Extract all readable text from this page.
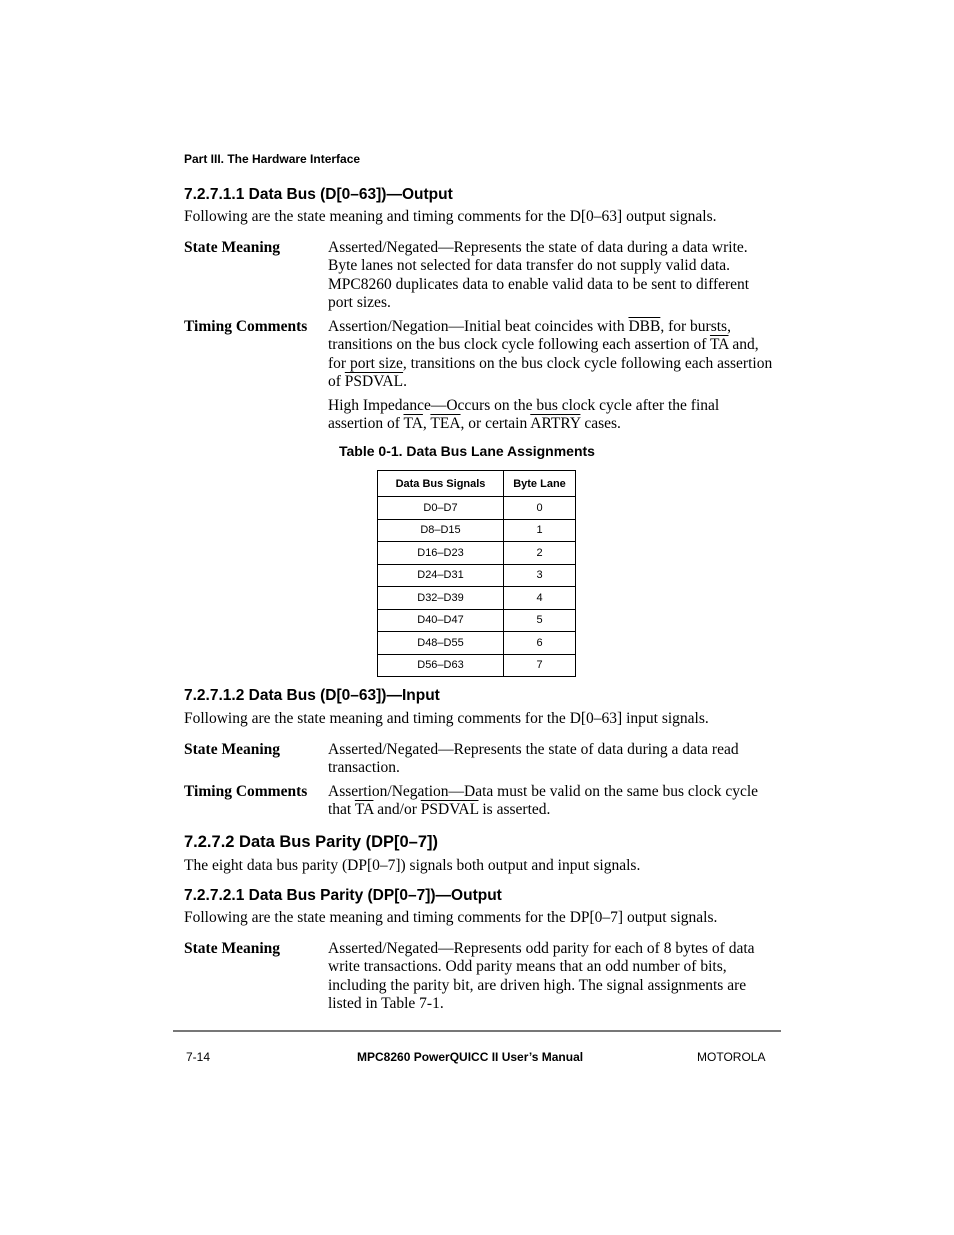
Part III. The Hardware Interface
7.2.7.1.1 Data Bus (D[0–63])—Output
Following are the state meaning and timing comments for the D[0–63] output signals.
State Meaning	Asserted/Negated—Represents the state of data during a data write. Byte lanes not selected for data transfer do not supply valid data. MPC8260 duplicates data to enable valid data to be sent to different port sizes.
Timing Comments Assertion/Negation—Initial beat coincides with $\overline{DBB}$, for bursts, transitions on the bus clock cycle following each assertion of $\overline{TA}$ and, for port size, transitions on the bus clock cycle following each assertion of PSDVAL.
High Impedance—Occurs on the bus clock cycle after the final assertion of $\overline{TA}$, $\overline{TEA}$, or certain ARTRY cases.
Table 0-1. Data Bus Lane Assignments
Data Bus Signals	Byte Lane
D0–D7	0
D8–D15	1
D16–D23	2
D24–D31	3
D32–D39	4
D40–D47	5
D48–D55	6
D56–D63	7
7.2.7.1.2 Data Bus (D[0–63])—Input
Following are the state meaning and timing comments for the D[0–63] input signals.
State Meaning	Asserted/Negated—Represents the state of data during a data read transaction.
Timing Comments Assertion/Negation—Data must be valid on the same bus clock cycle that $\overline{TA}$ and/or PSDVAL is asserted.
7.2.7.2 Data Bus Parity (DP[0–7])
The eight data bus parity (DP[0–7]) signals both output and input signals.
7.2.7.2.1 Data Bus Parity (DP[0–7])—Output
Following are the state meaning and timing comments for the DP[0–7] output signals.
State Meaning	Asserted/Negated—Represents odd parity for each of 8 bytes of data write transactions. Odd parity means that an odd number of bits, including the parity bit, are driven high. The signal assignments are listed in Table 7-1.
7-14	MPC8260 PowerQUICC II User’s Manual	MOTOROLA
